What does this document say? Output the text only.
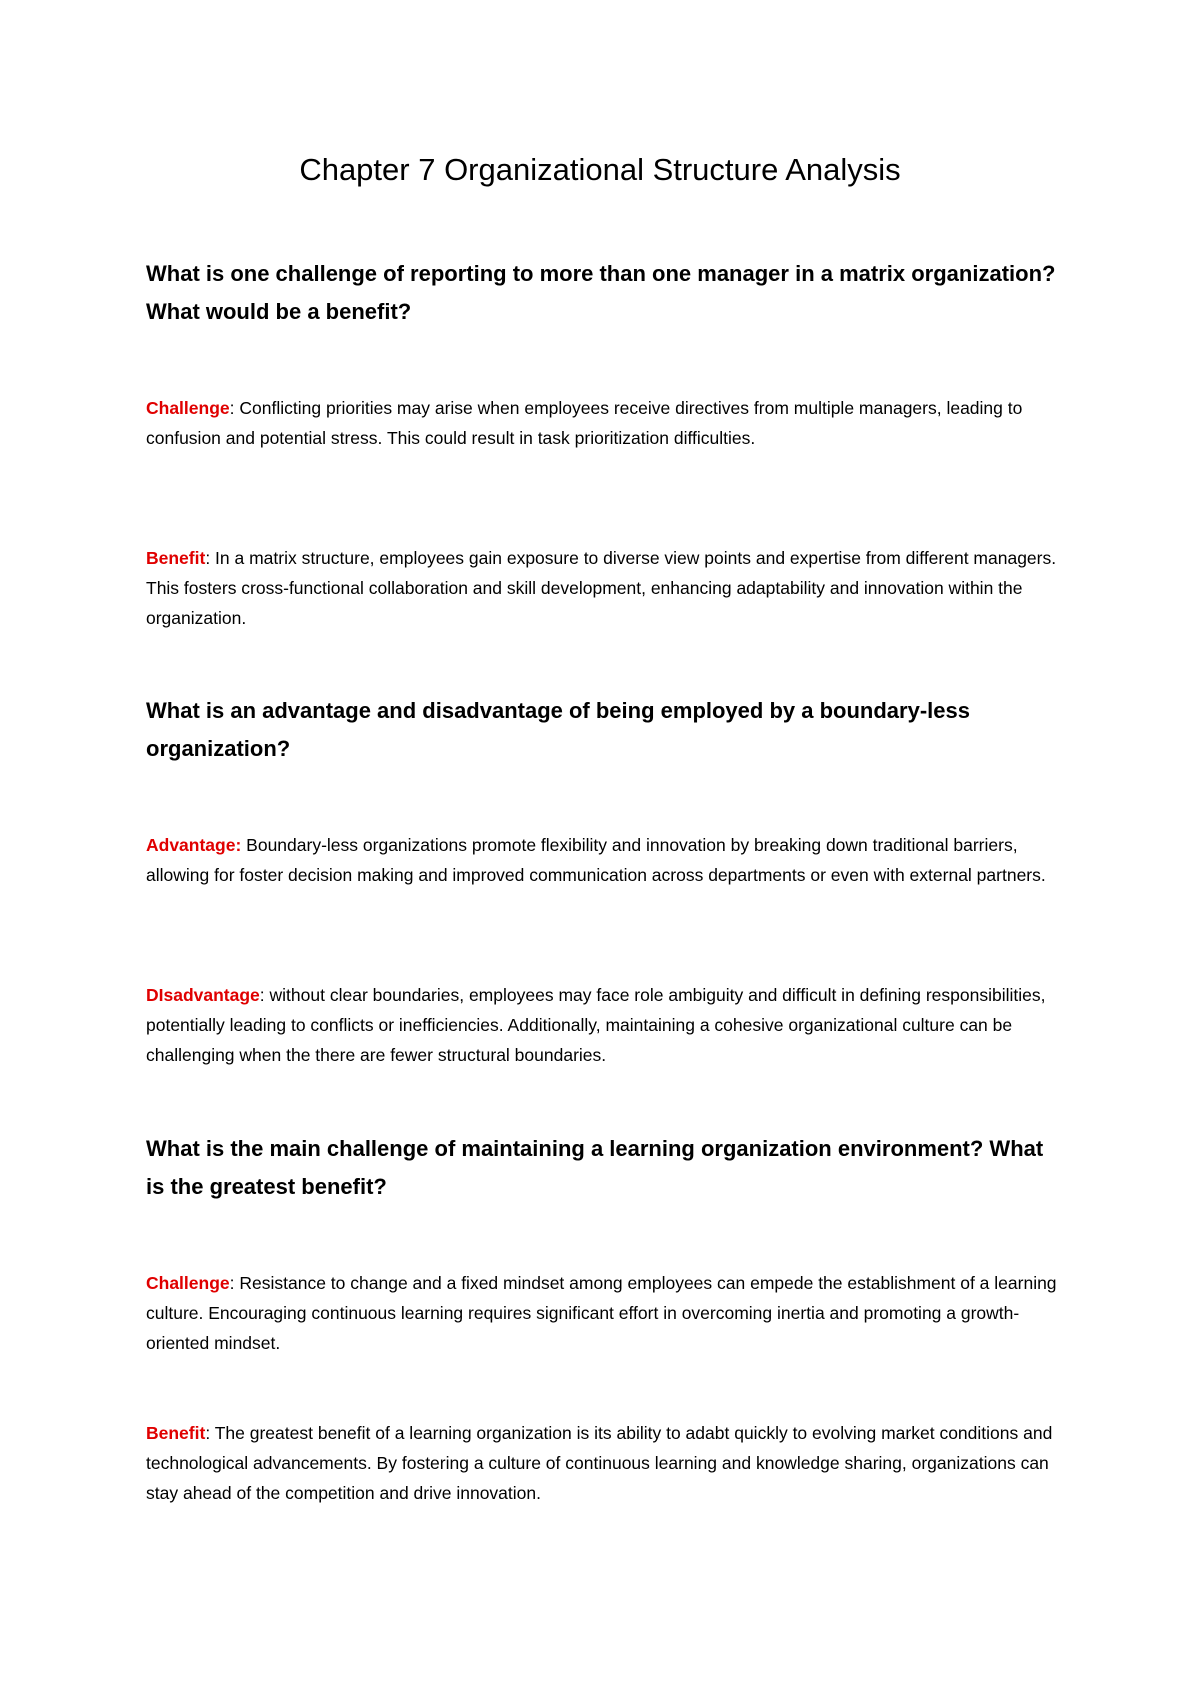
Chapter 7 Organizational Structure Analysis
What is one challenge of reporting to more than one manager in a matrix organization? What would be a benefit?

Challenge: Conflicting priorities may arise when employees receive directives from multiple managers, leading to confusion and potential stress. This could result in task prioritization difficulties.

Benefit: In a matrix structure, employees gain exposure to diverse view points and expertise from different managers. This fosters cross-functional collaboration and skill development, enhancing adaptability and innovation within the organization.

What is an advantage and disadvantage of being employed by a boundary-less organization?

Advantage: Boundary-less organizations promote flexibility and innovation by breaking down traditional barriers, allowing for foster decision making and improved communication across departments or even with external partners.

DIsadvantage: without clear boundaries, employees may face role ambiguity and difficult in defining responsibilities, potentially leading to conflicts or inefficiencies. Additionally, maintaining a cohesive organizational culture can be challenging when the there are fewer structural boundaries.

What is the main challenge of maintaining a learning organization environment? What is the greatest benefit?

Challenge: Resistance to change and a fixed mindset among employees can empede the establishment of a learning culture. Encouraging continuous learning requires significant effort in overcoming inertia and promoting a growth-oriented mindset.

Benefit: The greatest benefit of a learning organization is its ability to adabt quickly to evolving market conditions and technological advancements. By fostering a culture of continuous learning and knowledge sharing, organizations can stay ahead of the competition and drive innovation.
